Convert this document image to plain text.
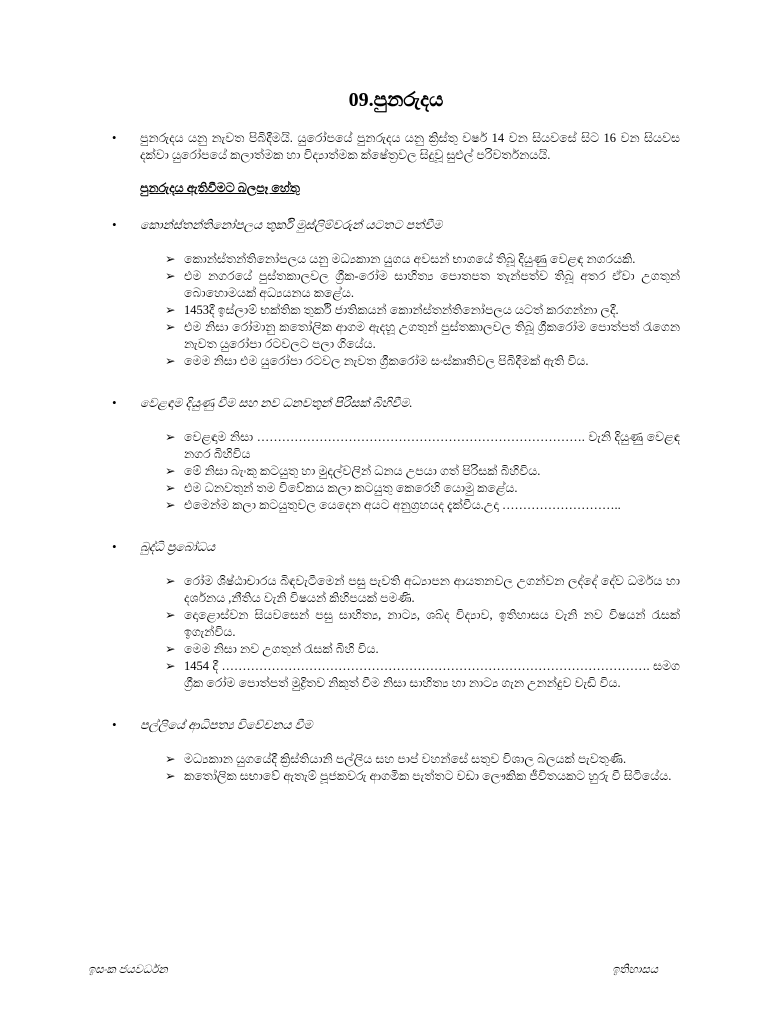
09.පුනරුදය
• පුනරුදය යනු නැවත පිබිදීමයි. යුරෝපයේ පුනරුදය යනු ක්‍රිස්තු වර්ෂ 14 වන සියවසේ සිට 16 වන සියවස දක්වා යුරෝපයේ කලාත්මක හා විද්‍යාත්මක ක්ෂේත්‍රවල සිදුවූ සුළුල් පරිවර්තනයයි.
පුනරුදය ඇතිවීමට බලපෑ හේතු
• කොන්ස්තන්තිනෝපලය තුර්කි මුස්ලිම්වරුන් යටතට පත්වීම
➢ කොන්ස්තන්තිනෝපලය යනු මධ්‍යකාන යුගය අවසන් භාගයේ තිබූ දියුණු වෙළඳ නගරයකි.
➢ එම නගරයේ පුස්තකාලවල ග්‍රීක-රෝම සාහිත්‍ය පොතපත තැන්පත්ව තිබූ අතර ඒවා උගතුන් බොහොමයක් අධ්‍යයනය කළේය.
➢ 1453දී ඉස්ලාම් භක්තික තුර්කි ජාතිකයන් කොන්ස්තන්තිනෝපලය යටත් කරගන්නා ලදී.
➢ එම නිසා රෝමානු කතෝලික ආගම ඇදහූ උගතුන් පුස්තකාලවල තිබූ ග්‍රීකරෝම පොත්පත් රැගෙන නැවත යුරෝපා රටවලට පලා ගියේය.
➢ මෙම නිසා එම යුරෝපා රටවල නැවත ග්‍රීකරෝම සංස්කෘතිවල පිබිදීමක් ඇති විය.
• වෙළඳාම දියුණු වීම සහ නව ධනවතුන් පිරිසක් බිහිවීම.
➢ වෙළඳාම නිසා ……………………………………………………………………. වැනි දියුණු වෙළඳ නගර බිහිවිය
➢ මේ නිසා බැංකු කටයුතු හා මුදල්වලින් ධනය උපයා ගත් පිරිසක් බිහිවිය.
➢ එම ධනවතුන් තම විවේකය කලා කටයුතු කෙරෙහි යොමු කළේය.
➢ එමෙන්ම කලා කටයුතුවල යෙදෙන අයට අනුග්‍රහයද දැක්වීය.උදා ………………………..
• බුද්ධි ප්‍රබෝධය
➢ රෝම ශිෂ්ඨාචාරය බිඳවැටීමෙන් පසු පැවති අධ්‍යාපන ආයතනවල උගන්වන ලද්දේ දේව ධර්මය හා දර්ශනය ,නීතිය වැනි විෂයන් කිහිපයක් පමණි.
➢ දොළොස්වන සියවසෙන් පසු සාහිත්‍ය, නාට්‍ය, ශබ්ද විද්‍යාව, ඉතිහාසය වැනි නව විෂයන් රැසක් ඉගැන්විය.
➢ මෙම නිසා නව උගතුන් රැසක් බිහි විය.
➢ 1454 දී …………………………………………………………………………………………. සමග ග්‍රීක රෝම පොත්පත් මුද්‍රිතව නිකුත් වීම නිසා සාහිත්‍ය හා නාට්‍ය ගැන උනන්දුව වැඩි විය.
• පල්ලියේ ආධිපත්‍ය විවේචනය වීම
➢ මධ්‍යකාන යුගයේදී ක්‍රිස්තියානි පල්ලිය සහ පාප් වහන්සේ සතුව විශාල බලයක් පැවතුණි.
➢ කතෝලික සභාවේ ඇතැම් පූජකවරු ආගමික පැත්තට වඩා ලෞකික ජීවිතයකට හුරු වී සිටියේය.
ඉසංක ජයවර්ධන	ඉතිහාසය
